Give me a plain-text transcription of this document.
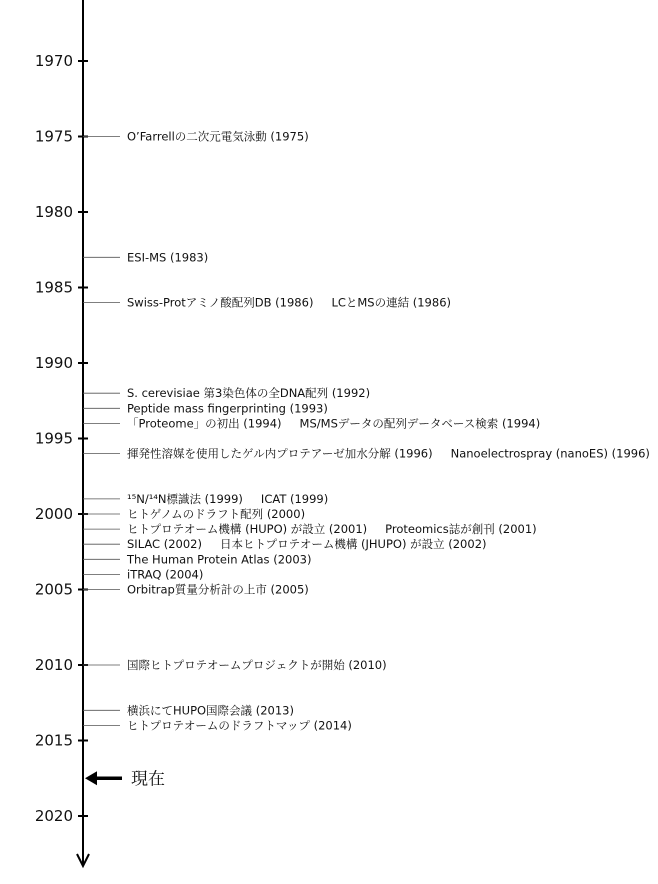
1970
1975
1980
1985
1990
1995
2000
2005
2010
2015
2020
O’Farrellの二次元電気泳動 (1975)
ESI-MS (1983)
Swiss-Protアミノ酸配列DB (1986) LCとMSの連結 (1986)
S. cerevisiae 第3染色体の全DNA配列 (1992)
Peptide mass fingerprinting (1993)
「Proteome」の初出 (1994) MS/MSデータの配列データベース検索 (1994)
揮発性溶媒を使用したゲル内プロテアーゼ加水分解 (1996) Nanoelectrospray (nanoES) (1996)
¹⁵N/¹⁴N標識法 (1999) ICAT (1999)
ヒトゲノムのドラフト配列 (2000)
ヒトプロテオーム機構 (HUPO) が設立 (2001) Proteomics誌が創刊 (2001)
SILAC (2002) 日本ヒトプロテオーム機構 (JHUPO) が設立 (2002)
The Human Protein Atlas (2003)
iTRAQ (2004)
Orbitrap質量分析計の上市 (2005)
国際ヒトプロテオームプロジェクトが開始 (2010)
横浜にてHUPO国際会議 (2013)
ヒトプロテオームのドラフトマップ (2014)
現在
